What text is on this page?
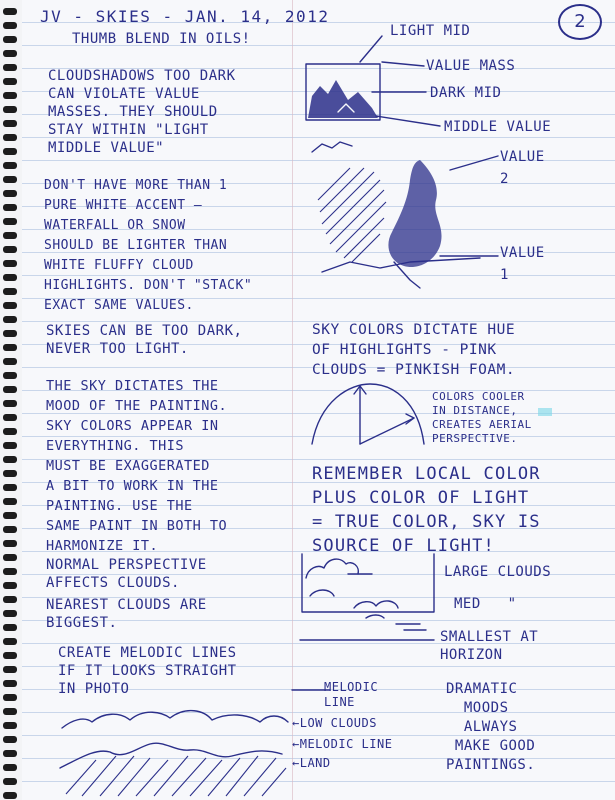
2
JV - SKIES - JAN. 14, 2012
THUMB BLEND IN OILS!
CLOUDSHADOWS TOO DARK
CAN VIOLATE VALUE
MASSES. THEY SHOULD
STAY WITHIN "LIGHT
MIDDLE VALUE"
DON'T HAVE MORE THAN 1
PURE WHITE ACCENT —
WATERFALL OR SNOW
SHOULD BE LIGHTER THAN
WHITE FLUFFY CLOUD
HIGHLIGHTS. DON'T "STACK"
EXACT SAME VALUES.
SKIES CAN BE TOO DARK,
NEVER TOO LIGHT.
THE SKY DICTATES THE
MOOD OF THE PAINTING.
SKY COLORS APPEAR IN
EVERYTHING. THIS
MUST BE EXAGGERATED
A BIT TO WORK IN THE
PAINTING. USE THE
SAME PAINT IN BOTH TO
HARMONIZE IT.
NORMAL PERSPECTIVE
AFFECTS CLOUDS.
NEAREST CLOUDS ARE
BIGGEST.
CREATE MELODIC LINES
IF IT LOOKS STRAIGHT
IN PHOTO
LIGHT MID
VALUE MASS
DARK MID
MIDDLE VALUE
VALUE
2
VALUE
1
SKY COLORS DICTATE HUE
OF HIGHLIGHTS - PINK
CLOUDS = PINKISH FOAM.
COLORS COOLER
IN DISTANCE,
CREATES AERIAL
PERSPECTIVE.
REMEMBER LOCAL COLOR
PLUS COLOR OF LIGHT
= TRUE COLOR, SKY IS
SOURCE OF LIGHT!
LARGE CLOUDS
MED   "
SMALLEST AT
HORIZON
MELODIC
LINE
←LOW CLOUDS
←MELODIC LINE
←LAND
DRAMATIC
MOODS
ALWAYS
MAKE GOOD
PAINTINGS.
